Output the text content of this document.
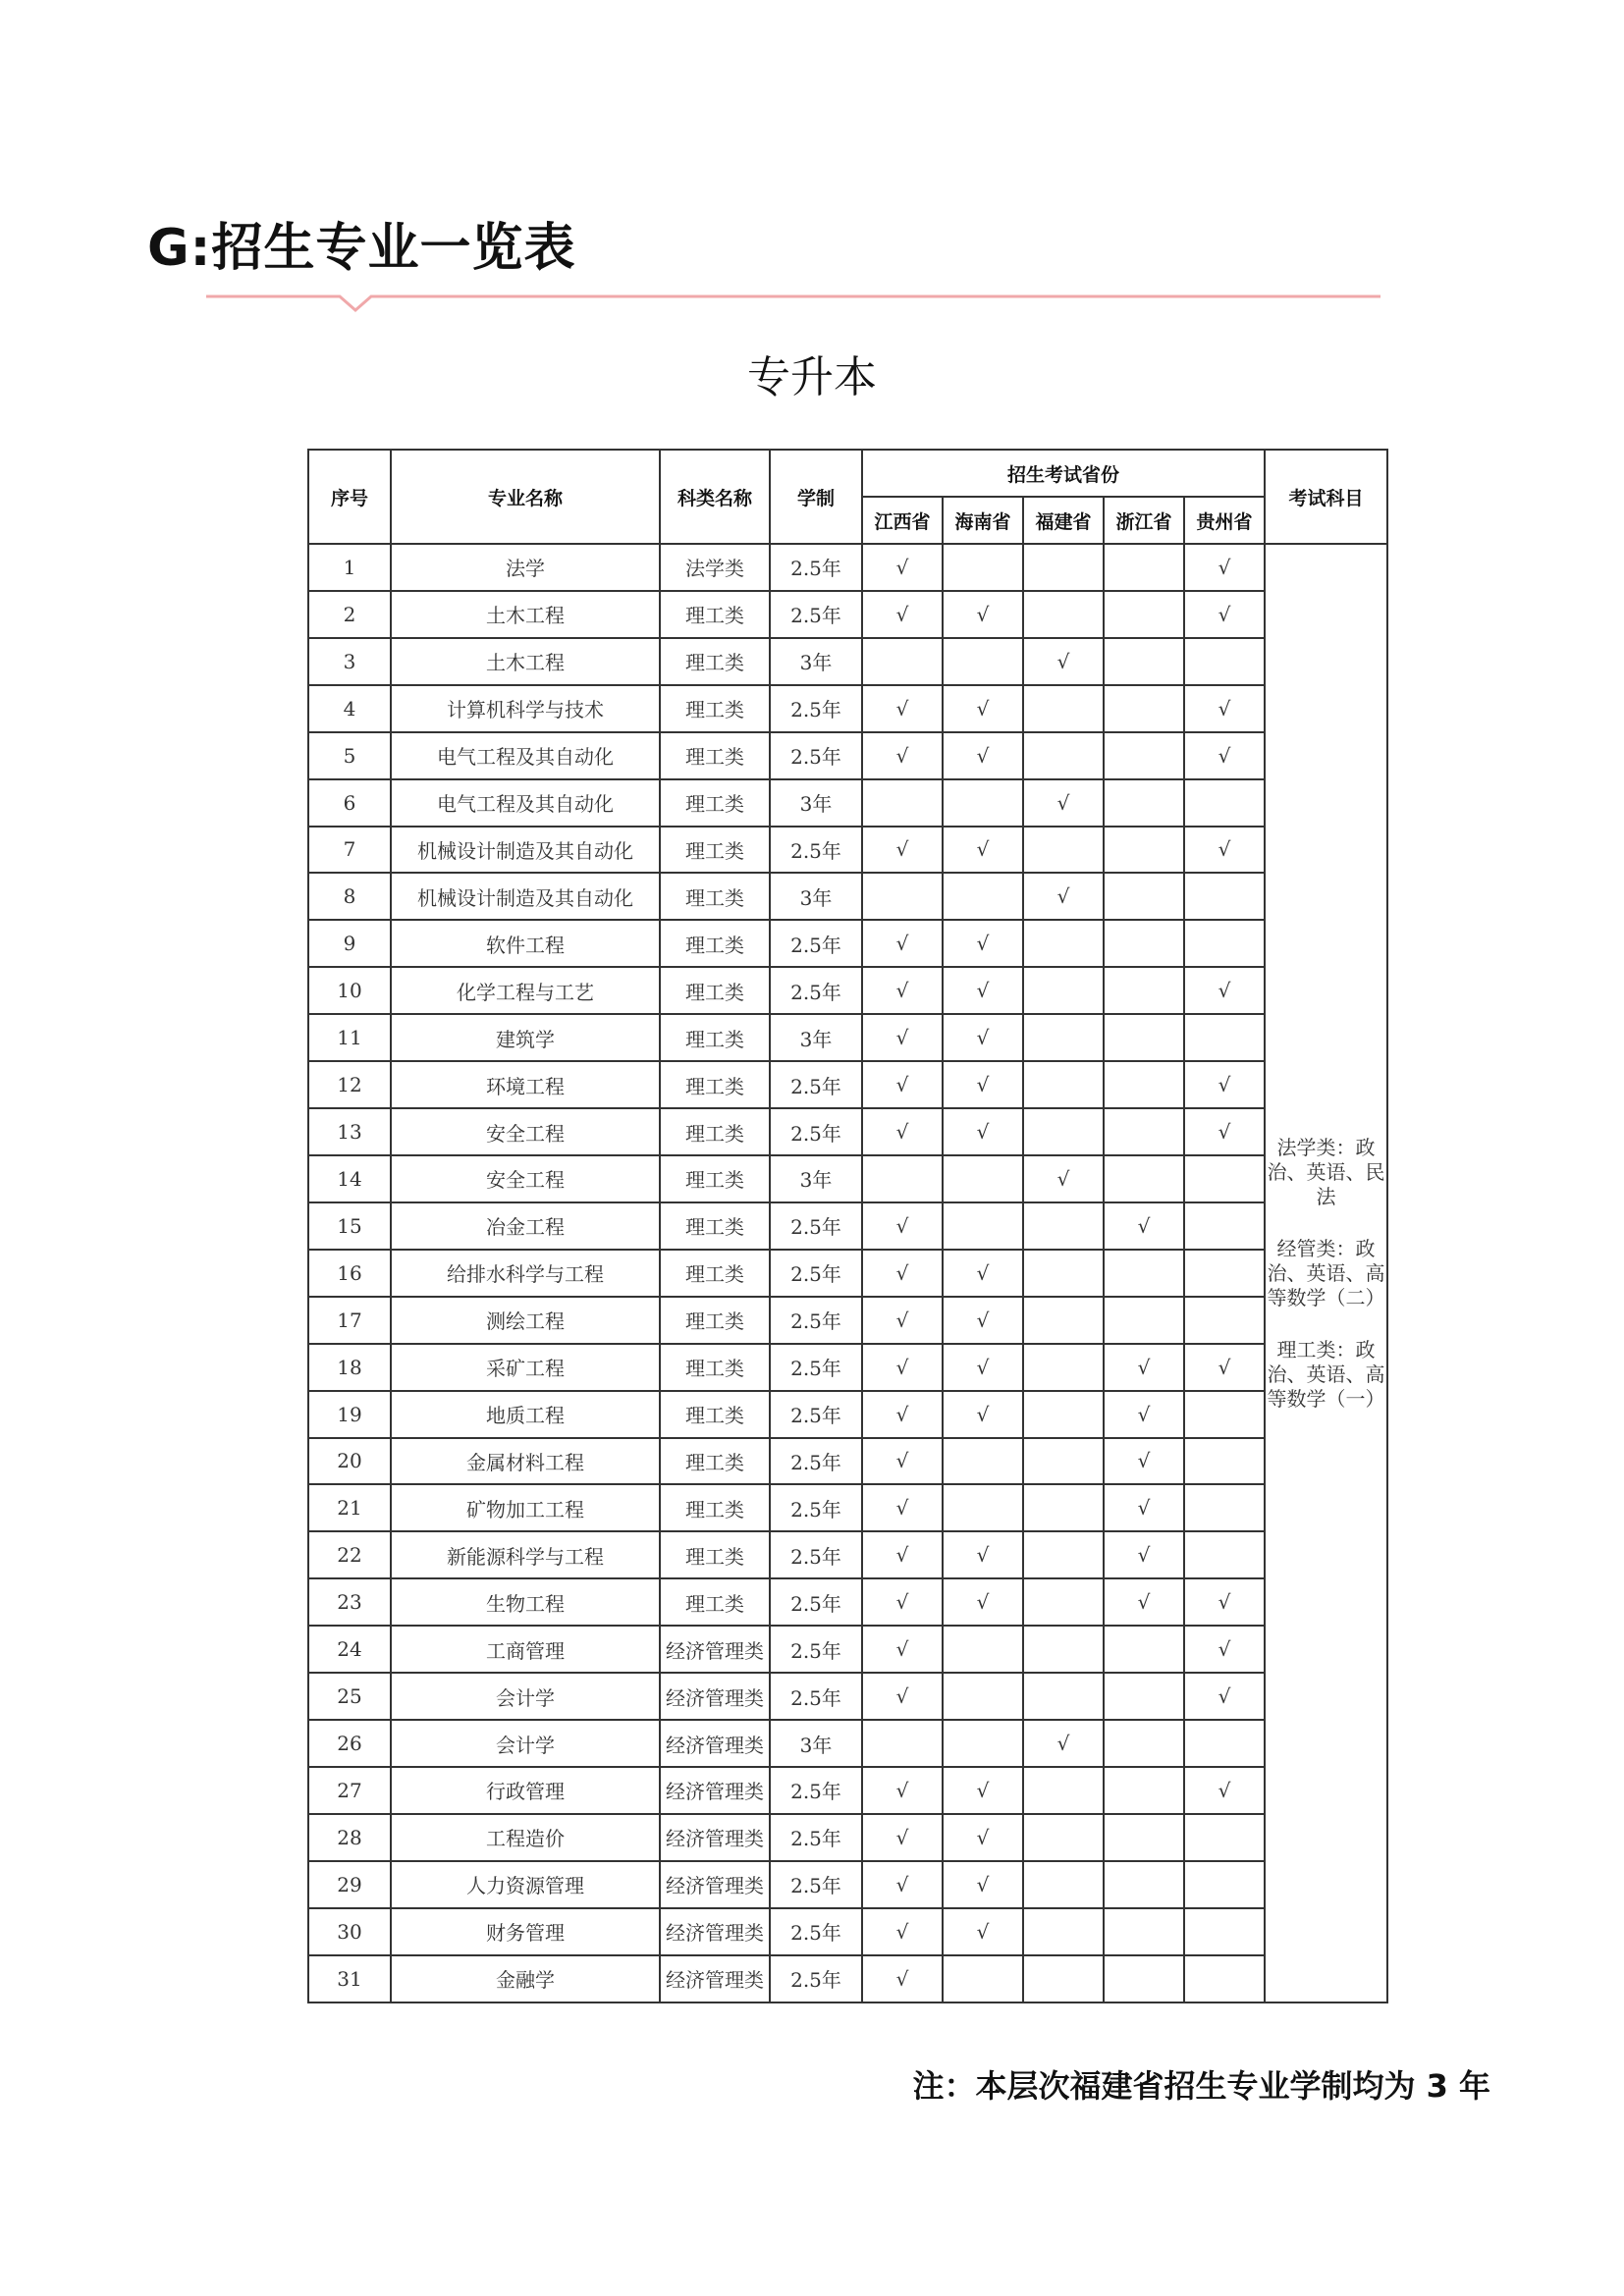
G:招生专业一览表
专升本
序号	专业名称	科类名称	学制	招生考试省份					考试科目
				江西省	海南省	福建省	浙江省	贵州省	
1	法学	法学类	2.5年	√				√	法学类：政治、英语、民法
经管类：政治、英语、高等数学（二）
理工类：政治、英语、高等数学（一）

2	土木工程	理工类	2.5年	√	√			√	
3	土木工程	理工类	3年			√			
4	计算机科学与技术	理工类	2.5年	√	√			√	
5	电气工程及其自动化	理工类	2.5年	√	√			√	
6	电气工程及其自动化	理工类	3年			√			
7	机械设计制造及其自动化	理工类	2.5年	√	√			√	
8	机械设计制造及其自动化	理工类	3年			√			
9	软件工程	理工类	2.5年	√	√				
10	化学工程与工艺	理工类	2.5年	√	√			√	
11	建筑学	理工类	3年	√	√				
12	环境工程	理工类	2.5年	√	√			√	
13	安全工程	理工类	2.5年	√	√			√	
14	安全工程	理工类	3年			√			
15	冶金工程	理工类	2.5年	√			√		
16	给排水科学与工程	理工类	2.5年	√	√				
17	测绘工程	理工类	2.5年	√	√				
18	采矿工程	理工类	2.5年	√	√		√	√	
19	地质工程	理工类	2.5年	√	√		√		
20	金属材料工程	理工类	2.5年	√			√		
21	矿物加工工程	理工类	2.5年	√			√		
22	新能源科学与工程	理工类	2.5年	√	√		√		
23	生物工程	理工类	2.5年	√	√		√	√	
24	工商管理	经济管理类	2.5年	√				√	
25	会计学	经济管理类	2.5年	√				√	
26	会计学	经济管理类	3年			√			
27	行政管理	经济管理类	2.5年	√	√			√	
28	工程造价	经济管理类	2.5年	√	√				
29	人力资源管理	经济管理类	2.5年	√	√				
30	财务管理	经济管理类	2.5年	√	√				
31	金融学	经济管理类	2.5年	√					
注：本层次福建省招生专业学制均为 3 年
